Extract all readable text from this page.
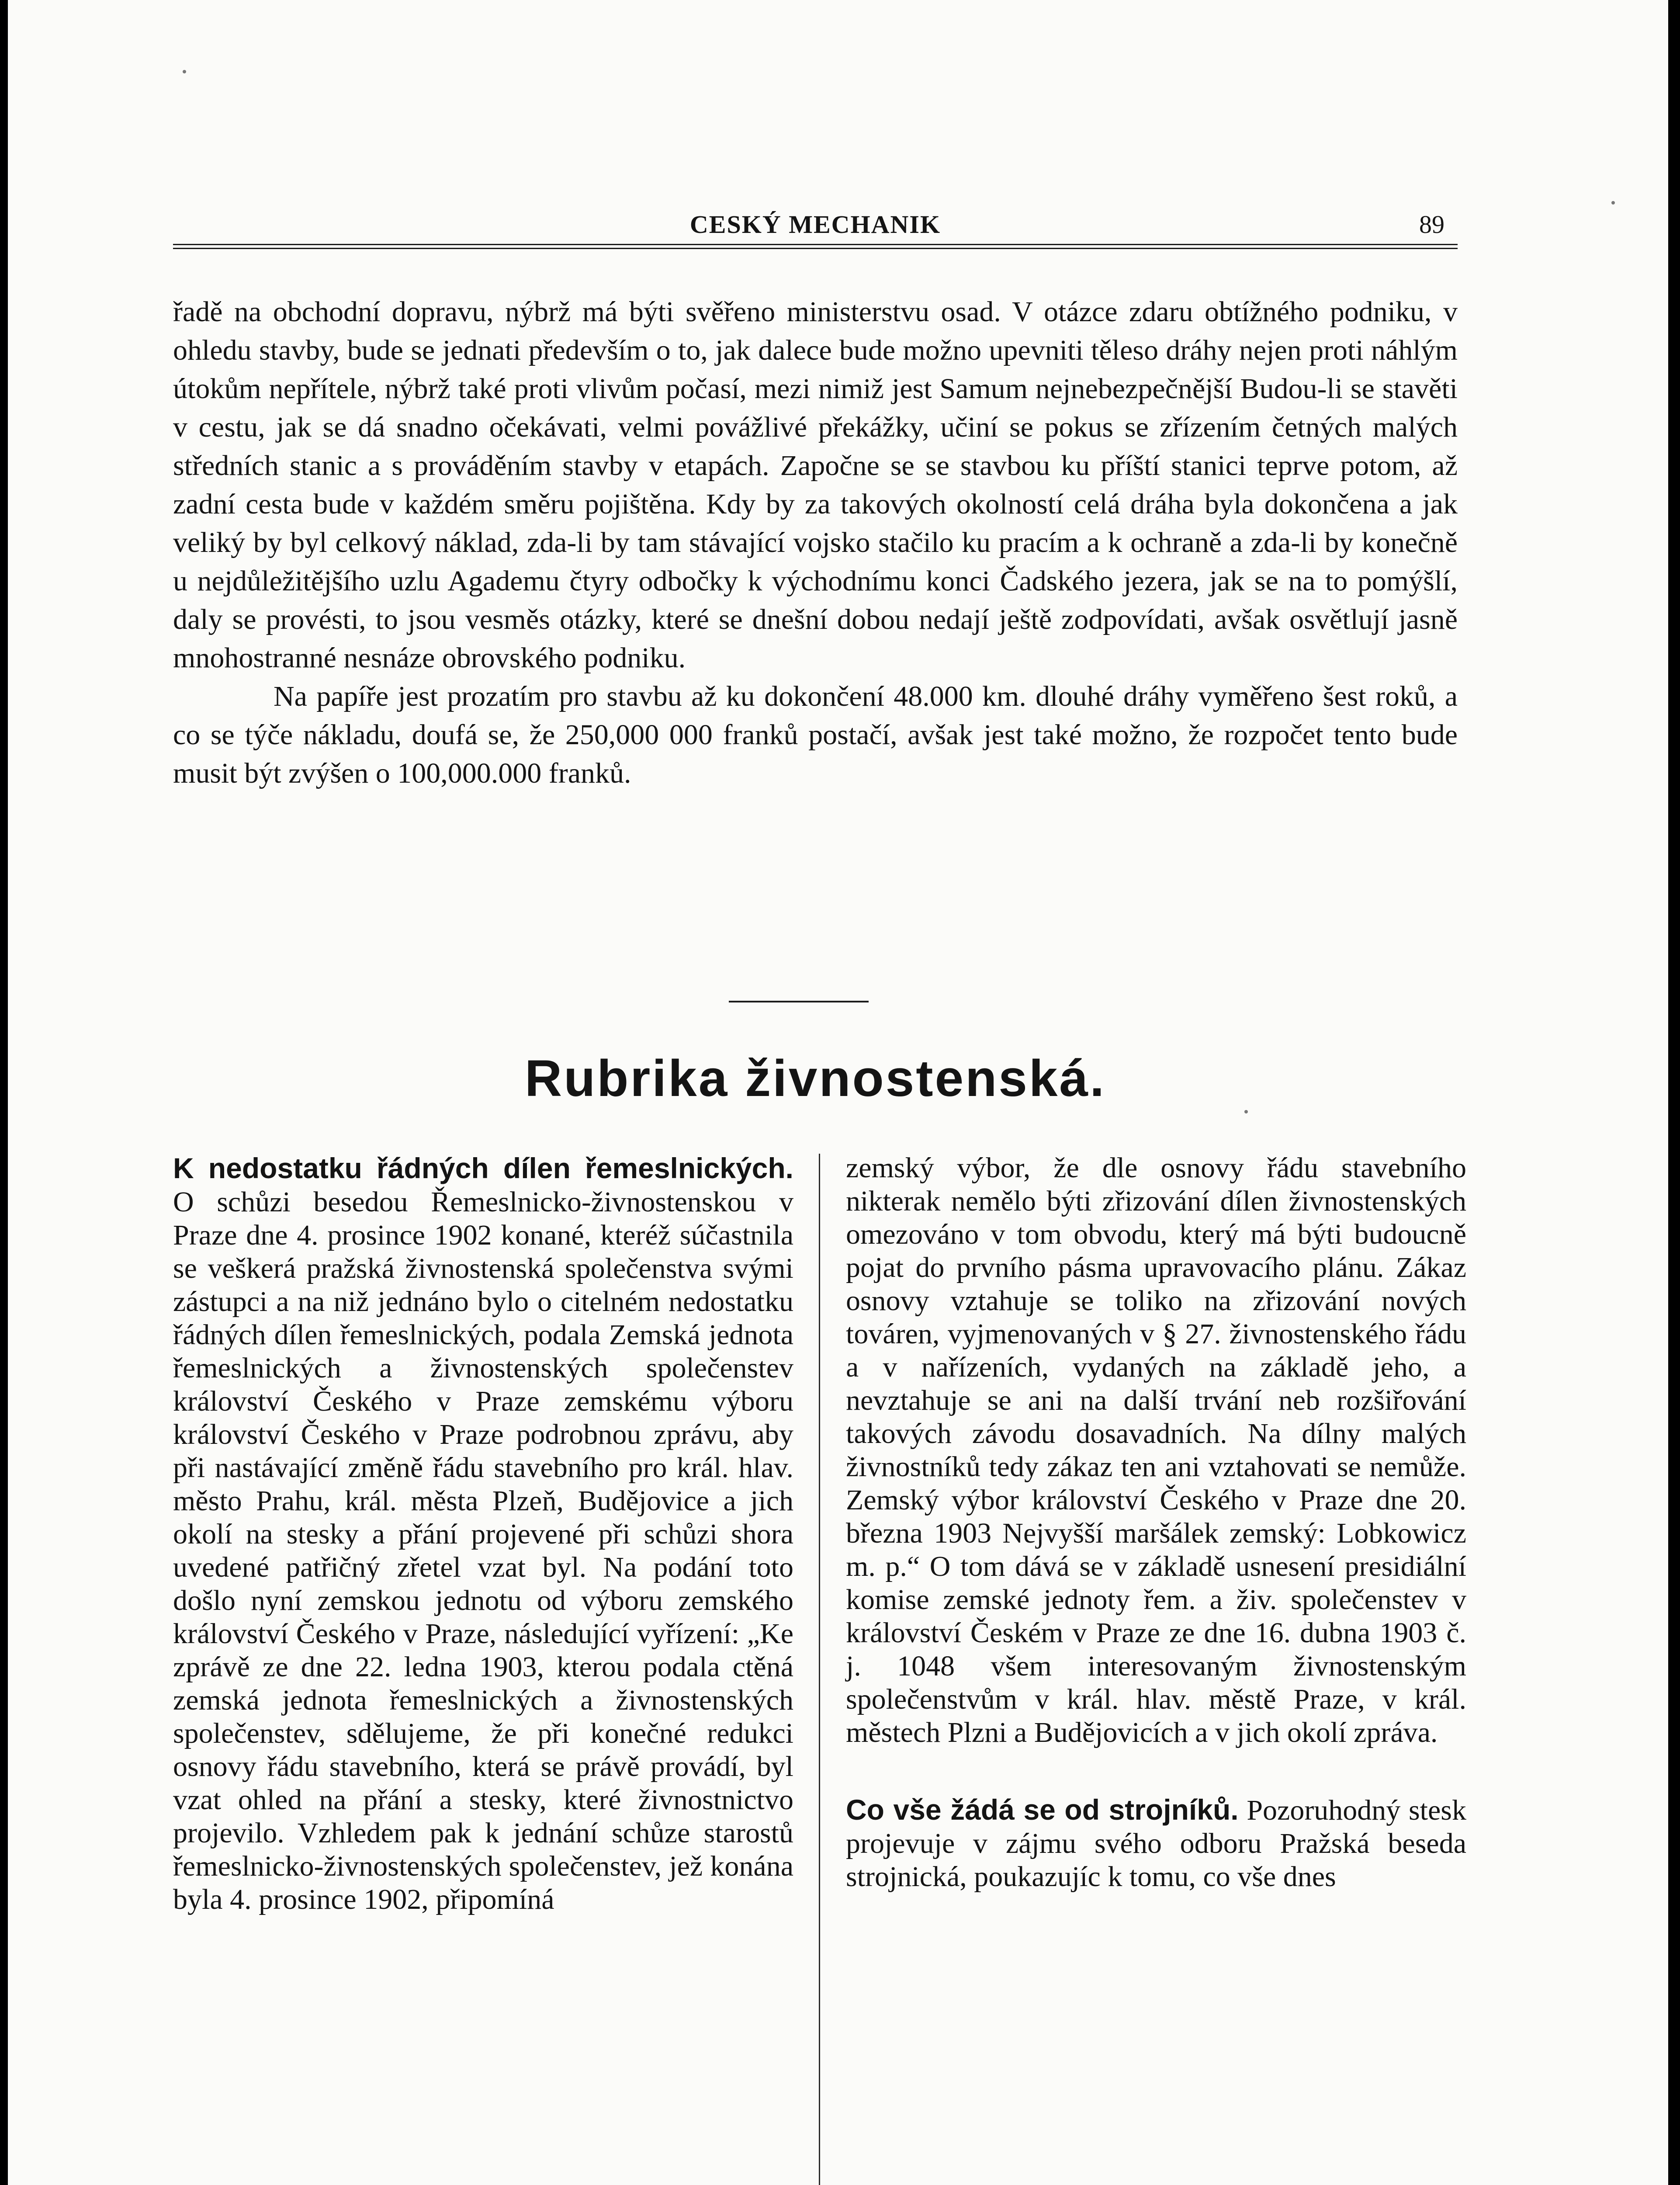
CESKÝ MECHANIK	89

řadě na obchodní dopravu, nýbrž má býti svěřeno ministerstvu osad. V otázce zdaru obtížného podniku, v ohledu stavby, bude se jednati především o to, jak dalece bude možno upevniti těleso dráhy nejen proti náhlým útokům nepřítele, nýbrž také proti vlivům počasí, mezi nimiž jest Samum nejnebezpečnější Budou-li se stavěti v cestu, jak se dá snadno očekávati, velmi povážlivé překážky, učiní se pokus se zřízením četných malých středních stanic a s prováděním stavby v etapách. Započne se se stavbou ku příští stanici teprve potom, až zadní cesta bude v každém směru pojištěna. Kdy by za takových okolností celá dráha byla dokončena a jak veliký by byl celkový náklad, zda-li by tam stávající vojsko stačilo ku pracím a k ochraně a zda-li by konečně u nejdůležitějšího uzlu Agademu čtyry odbočky k východnímu konci Čadského jezera, jak se na to pomýšlí, daly se provésti, to jsou vesměs otázky, které se dnešní dobou nedají ještě zodpovídati, avšak osvětlují jasně mnohostranné nesnáze obrovského podniku.

Na papíře jest prozatím pro stavbu až ku dokončení 48.000 km. dlouhé dráhy vyměřeno šest roků, a co se týče nákladu, doufá se, že 250,000 000 franků postačí, avšak jest také možno, že rozpočet tento bude musit být zvýšen o 100,000.000 franků.

Rubrika živnostenská.

K nedostatku řádných dílen řemeslnických. O schůzi besedou Řemeslnicko-živnostenskou v Praze dne 4. prosince 1902 konané, kteréž súčastnila se veškerá pražská živnostenská společenstva svými zástupci a na niž jednáno bylo o citelném nedostatku řádných dílen řemeslnických, podala Zemská jednota řemeslnických a živnostenských společenstev království Českého v Praze zemskému výboru království Českého v Praze podrobnou zprávu, aby při nastávající změně řádu stavebního pro král. hlav. město Prahu, král. města Plzeň, Budějovice a jich okolí na stesky a přání projevené při schůzi shora uvedené patřičný zřetel vzat byl. Na podání toto došlo nyní zemskou jednotu od výboru zemského království Českého v Praze, následující vyřízení: „Ke zprávě ze dne 22. ledna 1903, kterou podala ctěná zemská jednota řemeslnických a živnostenských společenstev, sdělujeme, že při konečné redukci osnovy řádu stavebního, která se právě provádí, byl vzat ohled na přání a stesky, které živnostnictvo projevilo. Vzhledem pak k jednání schůze starostů řemeslnicko-živnostenských společenstev, jež konána byla 4. prosince 1902, připomíná

zemský výbor, že dle osnovy řádu stavebního nikterak nemělo býti zřizování dílen živnostenských omezováno v tom obvodu, který má býti budoucně pojat do prvního pásma upravovacího plánu. Zákaz osnovy vztahuje se toliko na zřizování nových továren, vyjmenovaných v § 27. živnostenského řádu a v nařízeních, vydaných na základě jeho, a nevztahuje se ani na další trvání neb rozšiřování takových závodu dosavadních. Na dílny malých živnostníků tedy zákaz ten ani vztahovati se nemůže. Zemský výbor království Českého v Praze dne 20. března 1903 Nejvyšší maršálek zemský: Lobkowicz m. p.“ O tom dává se v základě usnesení presidiální komise zemské jednoty řem. a živ. společenstev v království Českém v Praze ze dne 16. dubna 1903 č. j. 1048 všem interesovaným živnostenským společenstvům v král. hlav. městě Praze, v král. městech Plzni a Budějovicích a v jich okolí zpráva.

Co vše žádá se od strojníků. Pozoruhodný stesk projevuje v zájmu svého odboru Pražská beseda strojnická, poukazujíc k tomu, co vše dnes
